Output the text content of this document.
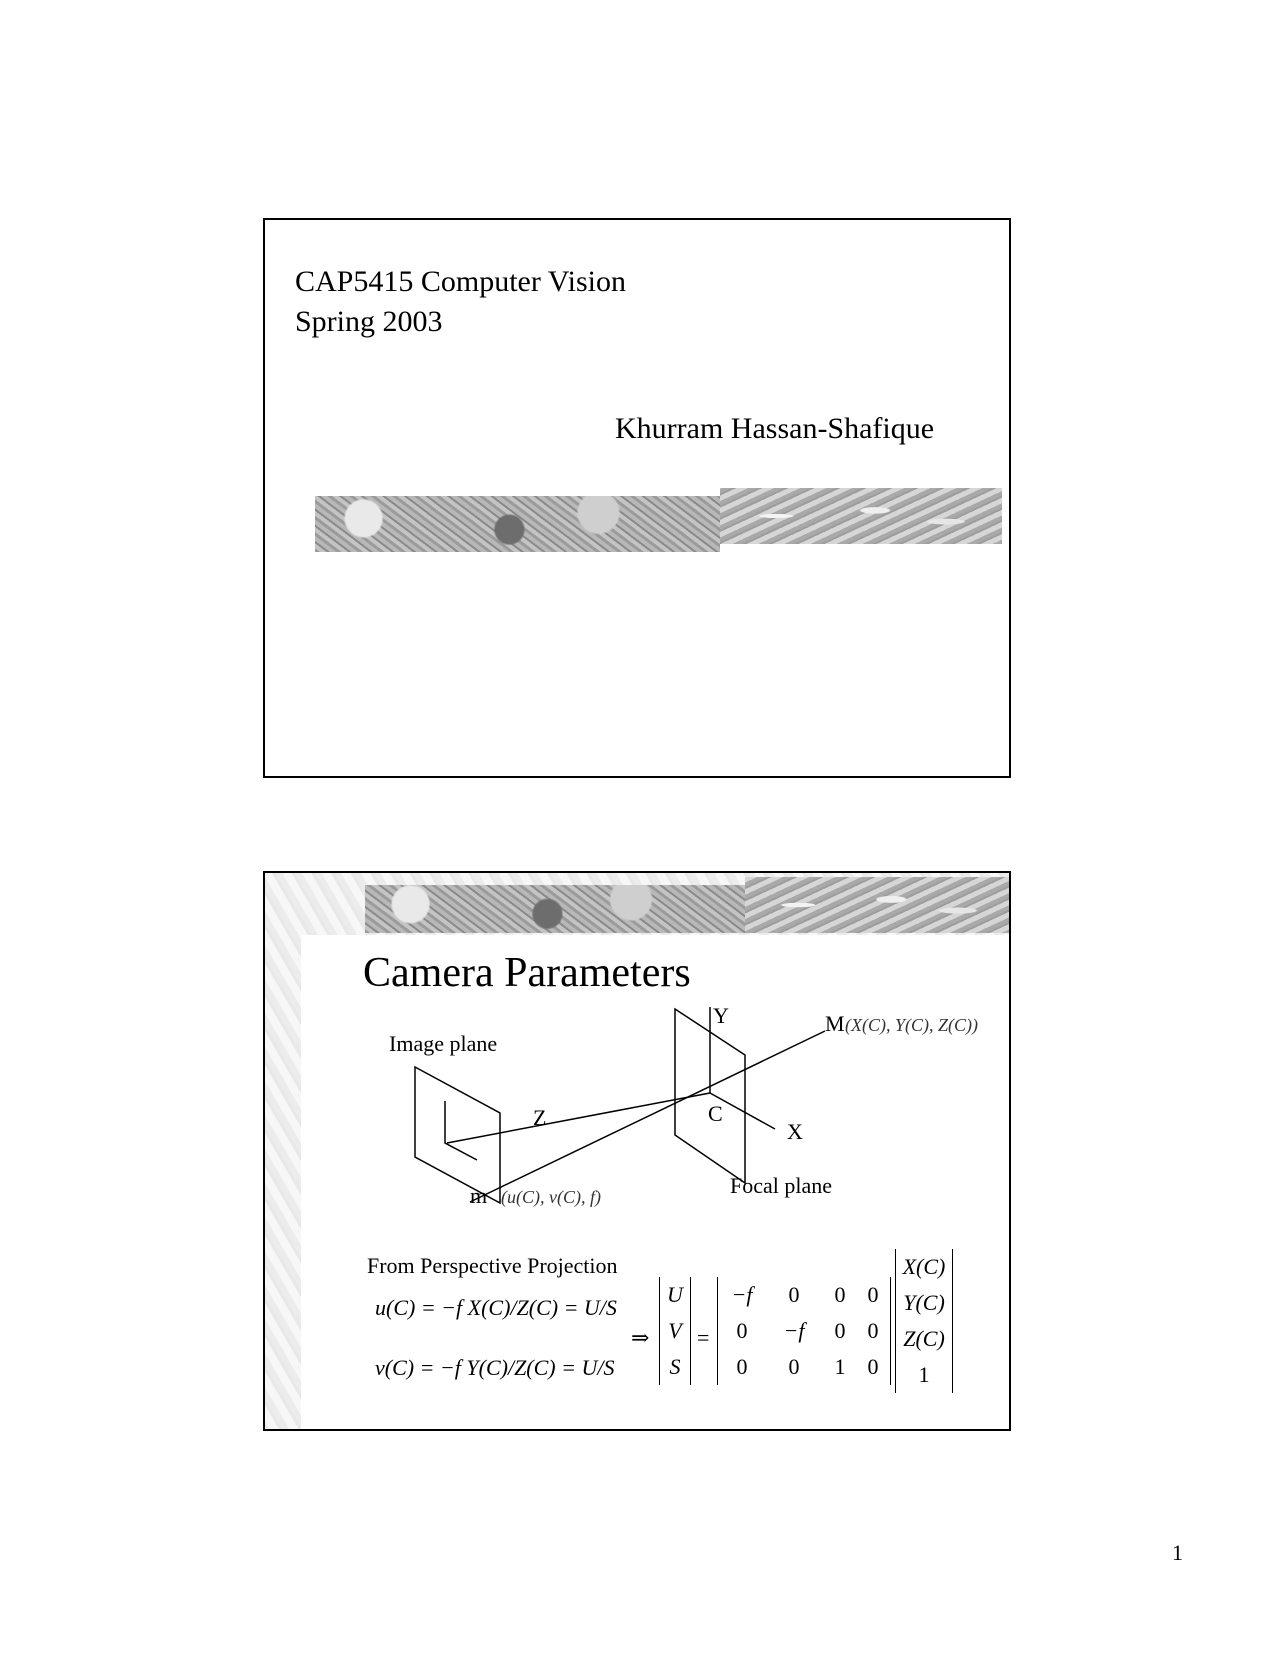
CAP5415 Computer Vision
Spring 2003
Khurram Hassan-Shafique
Camera Parameters
Image plane
Focal plane
Y
Z
X
C
m (u(C), v(C), f)
M (X(C), Y(C), Z(C))
From Perspective Projection
u(C) = −f X(C)/Z(C) = U/S
v(C) = −f Y(C)/Z(C) = U/S
⇒
U
V
S
=
−f	0	0	0
0	−f	0	0
0	0	1	0
X(C)
Y(C)
Z(C)
1
1
